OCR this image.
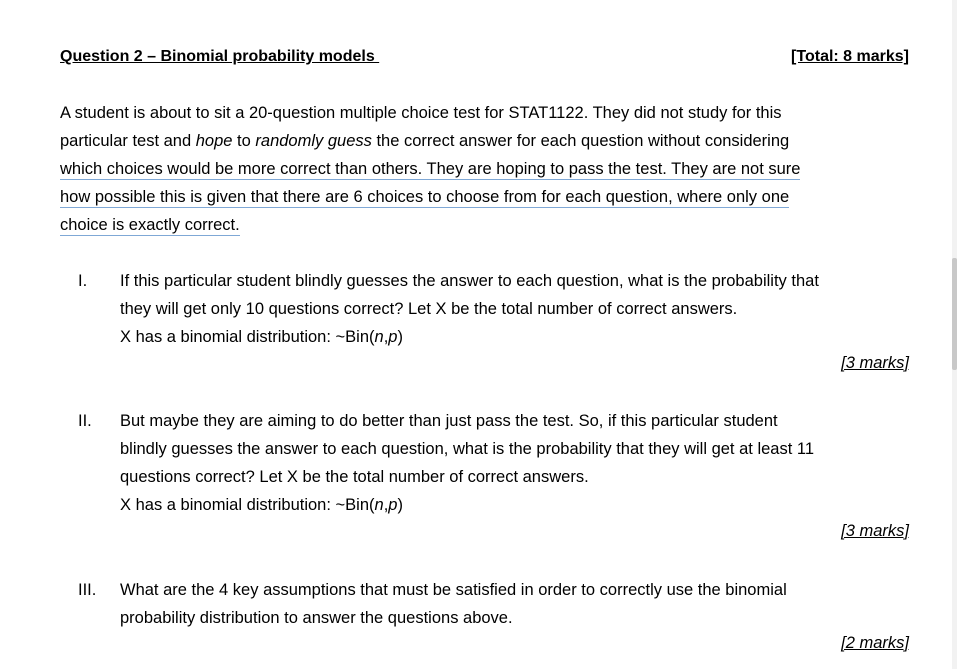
Question 2 – Binomial probability models	[Total: 8 marks]
A student is about to sit a 20-question multiple choice test for STAT1122. They did not study for this
particular test and hope to randomly guess the correct answer for each question without considering
which choices would be more correct than others. They are hoping to pass the test. They are not sure
how possible this is given that there are 6 choices to choose from for each question, where only one
choice is exactly correct.
I. If this particular student blindly guesses the answer to each question, what is the probability that
they will get only 10 questions correct? Let X be the total number of correct answers.
X has a binomial distribution: ~Bin(n,p)
[3 marks]
II. But maybe they are aiming to do better than just pass the test. So, if this particular student
blindly guesses the answer to each question, what is the probability that they will get at least 11
questions correct? Let X be the total number of correct answers.
X has a binomial distribution: ~Bin(n,p)
[3 marks]
III. What are the 4 key assumptions that must be satisfied in order to correctly use the binomial
probability distribution to answer the questions above.
[2 marks]
